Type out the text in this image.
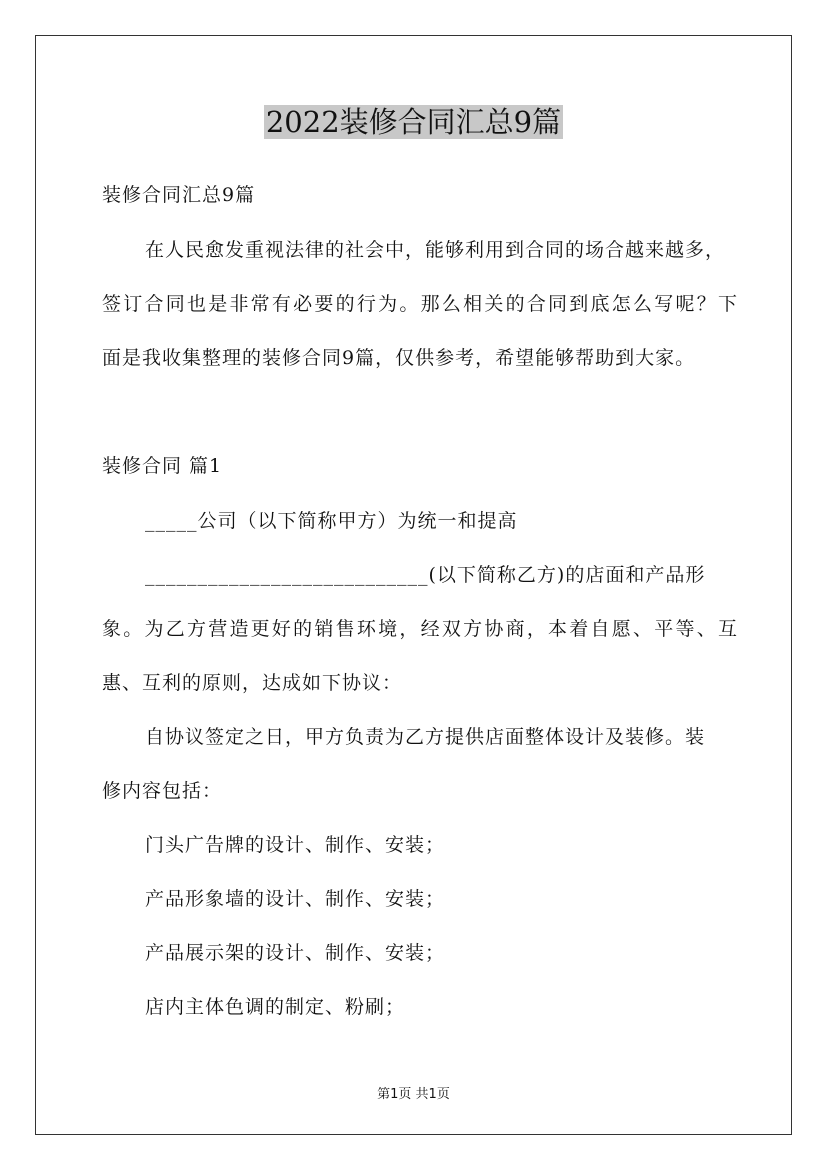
2022装修合同汇总9篇
装修合同汇总9篇
在人民愈发重视法律的社会中，能够利用到合同的场合越来越多，
签订合同也是非常有必要的行为。那么相关的合同到底怎么写呢？下
面是我收集整理的装修合同9篇，仅供参考，希望能够帮助到大家。
装修合同 篇1
_____公司（以下简称甲方）为统一和提高
___________________________(以下简称乙方)的店面和产品形
象。为乙方营造更好的销售环境，经双方协商，本着自愿、平等、互
惠、互利的原则，达成如下协议：
自协议签定之日，甲方负责为乙方提供店面整体设计及装修。装
修内容包括：
门头广告牌的设计、制作、安装；
产品形象墙的设计、制作、安装；
产品展示架的设计、制作、安装；
店内主体色调的制定、粉刷；
第1页 共1页
